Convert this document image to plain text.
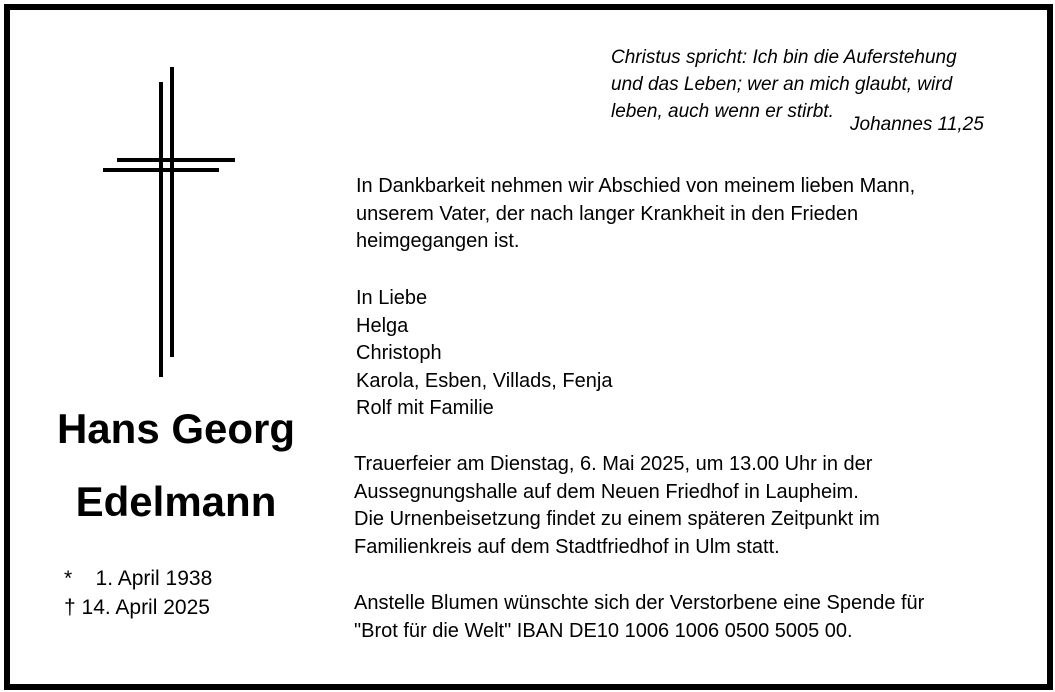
Christus spricht: Ich bin die Auferstehung
und das Leben; wer an mich glaubt, wird
leben, auch wenn er stirbt.
Johannes 11,25
In Dankbarkeit nehmen wir Abschied von meinem lieben Mann,
unserem Vater, der nach langer Krankheit in den Frieden
heimgegangen ist.
In Liebe
Helga
Christoph
Karola, Esben, Villads, Fenja
Rolf mit Familie
Trauerfeier am Dienstag, 6. Mai 2025, um 13.00 Uhr in der
Aussegnungshalle auf dem Neuen Friedhof in Laupheim.
Die Urnenbeisetzung findet zu einem späteren Zeitpunkt im
Familienkreis auf dem Stadtfriedhof in Ulm statt.
Anstelle Blumen wünschte sich der Verstorbene eine Spende für
"Brot für die Welt" IBAN DE10 1006 1006 0500 5005 00.
Hans Georg
Edelmann
*    1. April 1938
† 14. April 2025
